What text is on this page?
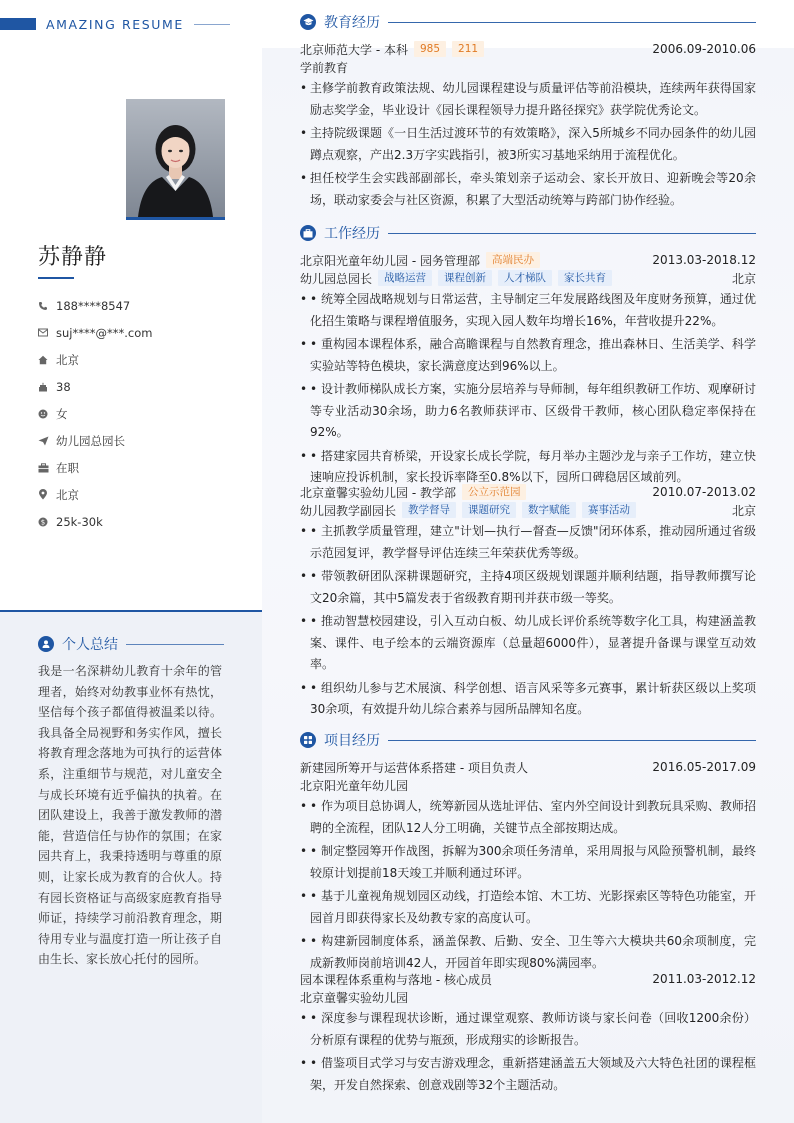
AMAZING RESUME
苏静静
188****8547
suj****@***.com
北京
38
女
幼儿园总园长
在职
北京
$ 25k-30k
个人总结
我是一名深耕幼儿教育十余年的管理者，始终对幼教事业怀有热忱，坚信每个孩子都值得被温柔以待。我具备全局视野和务实作风，擅长将教育理念落地为可执行的运营体系，注重细节与规范，对儿童安全与成长环境有近乎偏执的执着。在团队建设上，我善于激发教师的潜能，营造信任与协作的氛围；在家园共育上，我秉持透明与尊重的原则，让家长成为教育的合伙人。持有园长资格证与高级家庭教育指导师证，持续学习前沿教育理念，期待用专业与温度打造一所让孩子自由生长、家长放心托付的园所。
教育经历
北京师范大学 - 本科	985	211	2006.09-2010.06
学前教育
• 主修学前教育政策法规、幼儿园课程建设与质量评估等前沿模块，连续两年获得国家励志奖学金，毕业设计《园长课程领导力提升路径探究》获学院优秀论文。
• 主持院级课题《一日生活过渡环节的有效策略》，深入5所城乡不同办园条件的幼儿园蹲点观察，产出2.3万字实践指引，被3所实习基地采纳用于流程优化。
• 担任校学生会实践部副部长，牵头策划亲子运动会、家长开放日、迎新晚会等20余场，联动家委会与社区资源，积累了大型活动统筹与跨部门协作经验。
工作经历
北京阳光童年幼儿园 - 园务管理部	高端民办	2013.03-2018.12
幼儿园总园长	战略运营	课程创新	人才梯队	家长共育	北京
• • 统筹全园战略规划与日常运营，主导制定三年发展路线图及年度财务预算，通过优化招生策略与课程增值服务，实现入园人数年均增长16%，年营收提升22%。
• • 重构园本课程体系，融合高瞻课程与自然教育理念，推出森林日、生活美学、科学实验站等特色模块，家长满意度达到96%以上。
• • 设计教师梯队成长方案，实施分层培养与导师制，每年组织教研工作坊、观摩研讨等专业活动30余场，助力6名教师获评市、区级骨干教师，核心团队稳定率保持在92%。
• • 搭建家园共育桥梁，开设家长成长学院，每月举办主题沙龙与亲子工作坊，建立快速响应投诉机制，家长投诉率降至0.8%以下，园所口碑稳居区域前列。
北京童馨实验幼儿园 - 教学部	公立示范园	2010.07-2013.02
幼儿园教学副园长	教学督导	课题研究	数字赋能	赛事活动	北京
• • 主抓教学质量管理，建立"计划—执行—督查—反馈"闭环体系，推动园所通过省级示范园复评，教学督导评估连续三年荣获优秀等级。
• • 带领教研团队深耕课题研究，主持4项区级规划课题并顺利结题，指导教师撰写论文20余篇，其中5篇发表于省级教育期刊并获市级一等奖。
• • 推动智慧校园建设，引入互动白板、幼儿成长评价系统等数字化工具，构建涵盖教案、课件、电子绘本的云端资源库（总量超6000件），显著提升备课与课堂互动效率。
• • 组织幼儿参与艺术展演、科学创想、语言风采等多元赛事，累计斩获区级以上奖项30余项，有效提升幼儿综合素养与园所品牌知名度。
项目经历
新建园所筹开与运营体系搭建 - 项目负责人	2016.05-2017.09
北京阳光童年幼儿园
• • 作为项目总协调人，统筹新园从选址评估、室内外空间设计到教玩具采购、教师招聘的全流程，团队12人分工明确，关键节点全部按期达成。
• • 制定整园筹开作战图，拆解为300余项任务清单，采用周报与风险预警机制，最终较原计划提前18天竣工并顺利通过环评。
• • 基于儿童视角规划园区动线，打造绘本馆、木工坊、光影探索区等特色功能室，开园首月即获得家长及幼教专家的高度认可。
• • 构建新园制度体系，涵盖保教、后勤、安全、卫生等六大模块共60余项制度，完成新教师岗前培训42人，开园首年即实现80%满园率。
园本课程体系重构与落地 - 核心成员	2011.03-2012.12
北京童馨实验幼儿园
• • 深度参与课程现状诊断，通过课堂观察、教师访谈与家长问卷（回收1200余份）分析原有课程的优势与瓶颈，形成翔实的诊断报告。
• • 借鉴项目式学习与安吉游戏理念，重新搭建涵盖五大领域及六大特色社团的课程框架，开发自然探索、创意戏剧等32个主题活动。
